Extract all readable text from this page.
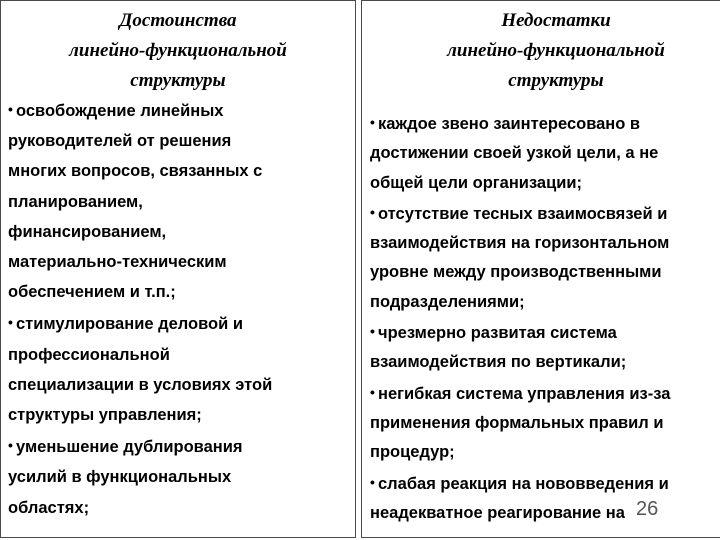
Достоинства
линейно-функциональной
структуры
• освобождение линейных
руководителей от решения
многих вопросов, связанных с
планированием,
финансированием,
материально-техническим
обеспечением и т.п.;
• стимулирование деловой и
профессиональной
специализации в условиях этой
структуры управления;
• уменьшение дублирования
усилий в функциональных
областях;
Недостатки
линейно-функциональной
структуры
• каждое звено заинтересовано в
достижении своей узкой цели, а не
общей цели организации;
• отсутствие тесных взаимосвязей и
взаимодействия на горизонтальном
уровне между производственными
подразделениями;
• чрезмерно развитая система
взаимодействия по вертикали;
• негибкая система управления из-за
применения формальных правил и
процедур;
• слабая реакция на нововведения и
неадекватное реагирование на 26
